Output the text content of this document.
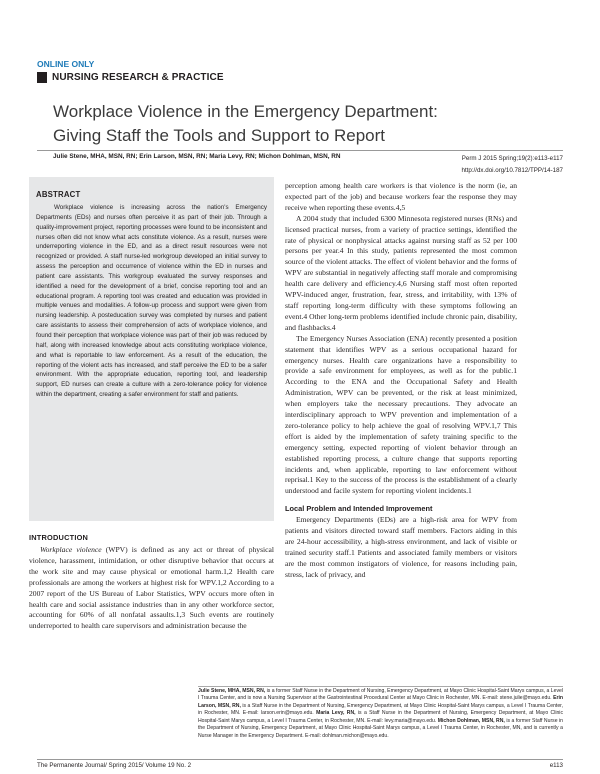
ONLINE ONLY
NURSING RESEARCH & PRACTICE
Workplace Violence in the Emergency Department:
Giving Staff the Tools and Support to Report
Julie Stene, MHA, MSN, RN; Erin Larson, MSN, RN; Maria Levy, RN; Michon Dohlman, MSN, RN	Perm J 2015 Spring;19(2):e113-e117
http://dx.doi.org/10.7812/TPP/14-187
ABSTRACT

Workplace violence is increasing across the nation's Emergency Departments (EDs) and nurses often perceive it as part of their job. Through a quality-improvement project, reporting processes were found to be inconsistent and nurses often did not know what acts constitute violence. As a result, nurses were underreporting violence in the ED, and as a direct result resources were not recognized or provided. A staff nurse-led workgroup developed an initial survey to assess the perception and occurrence of violence within the ED in nurses and patient care assistants. This workgroup evaluated the survey responses and identified a need for the development of a brief, concise reporting tool and an educational program. A reporting tool was created and education was provided in multiple venues and modalities. A follow-up process and support were given from nursing leadership. A posteducation survey was completed by nurses and patient care assistants to assess their comprehension of acts of workplace violence, and found their perception that workplace violence was part of their job was reduced by half, along with increased knowledge about acts constituting workplace violence, and what is reportable to law enforcement. As a result of the education, the reporting of the violent acts has increased, and staff perceive the ED to be a safer environment. With the appropriate education, reporting tool, and leadership support, ED nurses can create a culture with a zero-tolerance policy for violence within the department, creating a safer environment for staff and patients.

INTRODUCTION

Workplace violence (WPV) is defined as any act or threat of physical violence, harassment, intimidation, or other disruptive behavior that occurs at the work site and may cause physical or emotional harm.1,2 Health care professionals are among the workers at highest risk for WPV.1,2 According to a 2007 report of the US Bureau of Labor Statistics, WPV occurs more often in health care and social assistance industries than in any other workforce sector, accounting for 60% of all nonfatal assaults.1,3 Such events are routinely underreported to health care supervisors and administration because the

perception among health care workers is that violence is the norm (ie, an expected part of the job) and because workers fear the response they may receive when reporting these events.4,5

A 2004 study that included 6300 Minnesota registered nurses (RNs) and licensed practical nurses, from a variety of practice settings, identified the rate of physical or nonphysical attacks against nursing staff as 52 per 100 persons per year.4 In this study, patients represented the most common source of the violent attacks. The effect of violent behavior and the forms of WPV are substantial in negatively affecting staff morale and compromising health care delivery and efficiency.4,6 Nursing staff most often reported WPV-induced anger, frustration, fear, stress, and irritability, with 13% of staff reporting long-term difficulty with these symptoms following an event.4 Other long-term problems identified include chronic pain, disability, and flashbacks.4

The Emergency Nurses Association (ENA) recently presented a position statement that identifies WPV as a serious occupational hazard for emergency nurses. Health care organizations have a responsibility to provide a safe environment for employees, as well as for the public.1 According to the ENA and the Occupational Safety and Health Administration, WPV can be prevented, or the risk at least minimized, when employers take the necessary precautions. They advocate an interdisciplinary approach to WPV prevention and implementation of a zero-tolerance policy to help achieve the goal of resolving WPV.1,7 This effort is aided by the implementation of safety training specific to the emergency setting, expected reporting of violent behavior through an established reporting process, a culture change that supports reporting incidents and, when applicable, reporting to law enforcement without reprisal.1 Key to the success of the process is the establishment of a clearly understood and facile system for reporting violent incidents.1

Local Problem and Intended Improvement

Emergency Departments (EDs) are a high-risk area for WPV from patients and visitors directed toward staff members. Factors aiding in this are 24-hour accessibility, a high-stress environment, and lack of visible or trained security staff.1 Patients and associated family members or visitors are the most common instigators of violence, for reasons including pain, stress, lack of privacy, and

Julie Stene, MHA, MSN, RN, is a former Staff Nurse in the Department of Nursing, Emergency Department, at Mayo Clinic Hospital-Saint Marys campus, a Level I Trauma Center, and is now a Nursing Supervisor at the Gastrointestinal Procedural Center at Mayo Clinic in Rochester, MN. E-mail: stene.julie@mayo.edu. Erin Larson, MSN, RN, is a Staff Nurse in the Department of Nursing, Emergency Department, at Mayo Clinic Hospital-Saint Marys campus, a Level I Trauma Center, in Rochester, MN. E-mail: larson.erin@mayo.edu. Maria Levy, RN, is a Staff Nurse in the Department of Nursing, Emergency Department, at Mayo Clinic Hospital-Saint Marys campus, a Level I Trauma Center, in Rochester, MN. E-mail: levy.maria@mayo.edu. Michon Dohlman, MSN, RN, is a former Staff Nurse in the Department of Nursing, Emergency Department, at Mayo Clinic Hospital-Saint Marys campus, a Level I Trauma Center, in Rochester, MN, and is currently a Nurse Manager in the Emergency Department. E-mail: dohlman.michon@mayo.edu.
The Permanente Journal/ Spring 2015/ Volume 19 No. 2	e113
